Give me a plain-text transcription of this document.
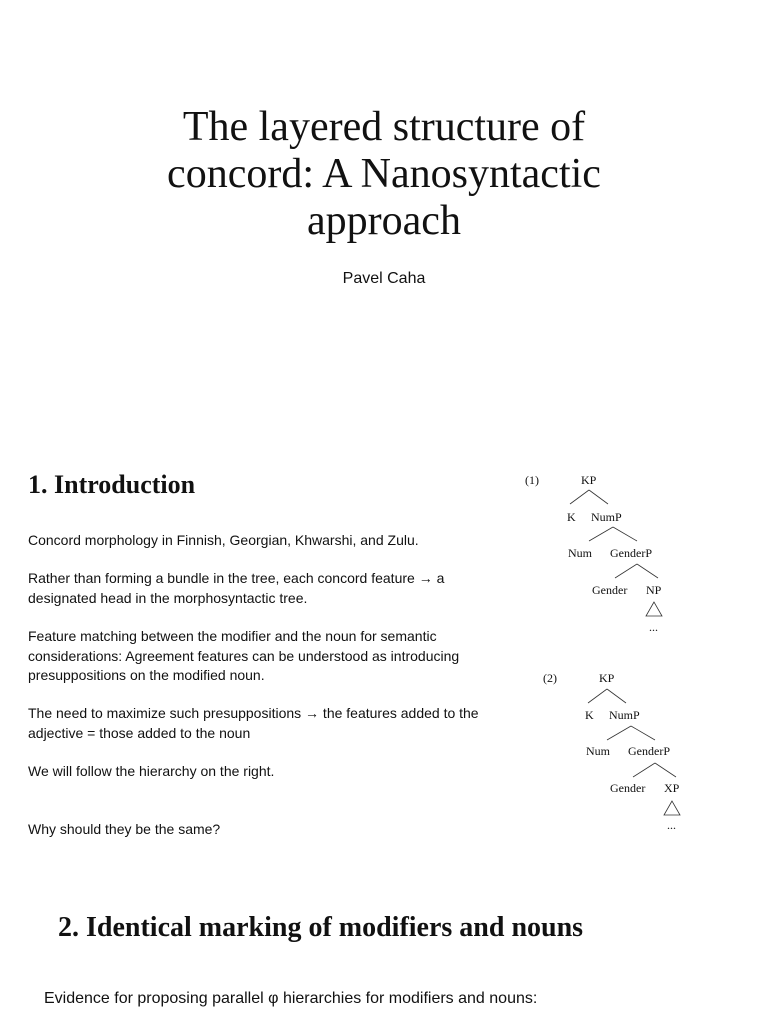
The layered structure of concord: A Nanosyntactic approach
Pavel Caha
1. Introduction

Concord morphology in Finnish, Georgian, Khwarshi, and Zulu.

Rather than forming a bundle in the tree, each concord feature → a designated head in the morphosyntactic tree.

Feature matching between the modifier and the noun for semantic considerations: Agreement features can be understood as introducing presuppositions on the modified noun.

The need to maximize such presuppositions → the features added to the adjective = those added to the noun

We will follow the hierarchy on the right.

Why should they be the same?

(1)	KP
K NumP
Num GenderP
Gender NP
...
(2)	KP
K NumP
Num GenderP
Gender XP
...
2. Identical marking of modifiers and nouns
Evidence for proposing parallel φ hierarchies for modifiers and nouns:
